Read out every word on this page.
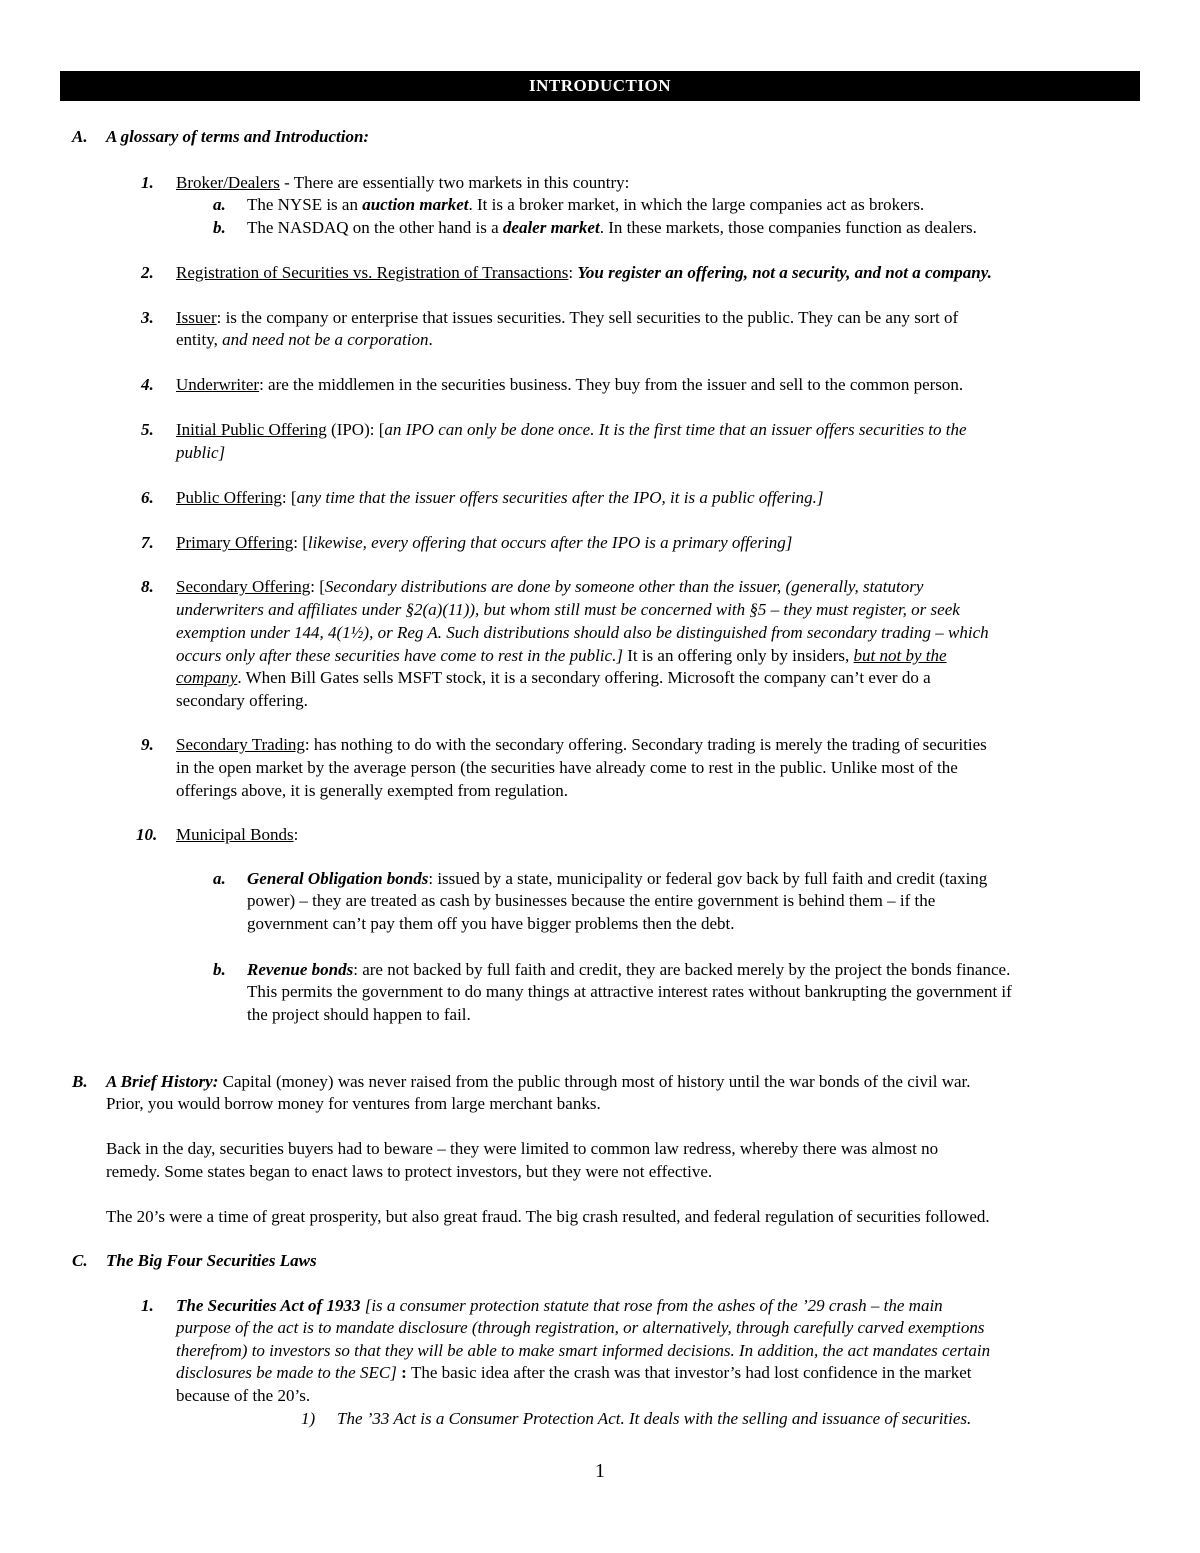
INTRODUCTION
A. A glossary of terms and Introduction:
1. Broker/Dealers - There are essentially two markets in this country:
a. The NYSE is an auction market. It is a broker market, in which the large companies act as brokers.
b. The NASDAQ on the other hand is a dealer market. In these markets, those companies function as dealers.
2. Registration of Securities vs. Registration of Transactions: You register an offering, not a security, and not a company.
3. Issuer: is the company or enterprise that issues securities. They sell securities to the public. They can be any sort of
entity, and need not be a corporation.
4. Underwriter: are the middlemen in the securities business. They buy from the issuer and sell to the common person.
5. Initial Public Offering (IPO): [an IPO can only be done once. It is the first time that an issuer offers securities to the
public]
6. Public Offering: [any time that the issuer offers securities after the IPO, it is a public offering.]
7. Primary Offering: [likewise, every offering that occurs after the IPO is a primary offering]
8. Secondary Offering: [Secondary distributions are done by someone other than the issuer, (generally, statutory
underwriters and affiliates under §2(a)(11)), but whom still must be concerned with §5 – they must register, or seek
exemption under 144, 4(1½), or Reg A. Such distributions should also be distinguished from secondary trading – which
occurs only after these securities have come to rest in the public.] It is an offering only by insiders, but not by the
company. When Bill Gates sells MSFT stock, it is a secondary offering. Microsoft the company can’t ever do a
secondary offering.
9. Secondary Trading: has nothing to do with the secondary offering. Secondary trading is merely the trading of securities
in the open market by the average person (the securities have already come to rest in the public. Unlike most of the
offerings above, it is generally exempted from regulation.
10. Municipal Bonds:
a. General Obligation bonds: issued by a state, municipality or federal gov back by full faith and credit (taxing
power) – they are treated as cash by businesses because the entire government is behind them – if the
government can’t pay them off you have bigger problems then the debt.
b. Revenue bonds: are not backed by full faith and credit, they are backed merely by the project the bonds finance.
This permits the government to do many things at attractive interest rates without bankrupting the government if
the project should happen to fail.
B. A Brief History: Capital (money) was never raised from the public through most of history until the war bonds of the civil war.
Prior, you would borrow money for ventures from large merchant banks.
Back in the day, securities buyers had to beware – they were limited to common law redress, whereby there was almost no
remedy. Some states began to enact laws to protect investors, but they were not effective.
The 20’s were a time of great prosperity, but also great fraud. The big crash resulted, and federal regulation of securities followed.
C. The Big Four Securities Laws
1. The Securities Act of 1933 [is a consumer protection statute that rose from the ashes of the ’29 crash – the main
purpose of the act is to mandate disclosure (through registration, or alternatively, through carefully carved exemptions
therefrom) to investors so that they will be able to make smart informed decisions. In addition, the act mandates certain
disclosures be made to the SEC] : The basic idea after the crash was that investor’s had lost confidence in the market
because of the 20’s.
1) The ’33 Act is a Consumer Protection Act. It deals with the selling and issuance of securities.
1
